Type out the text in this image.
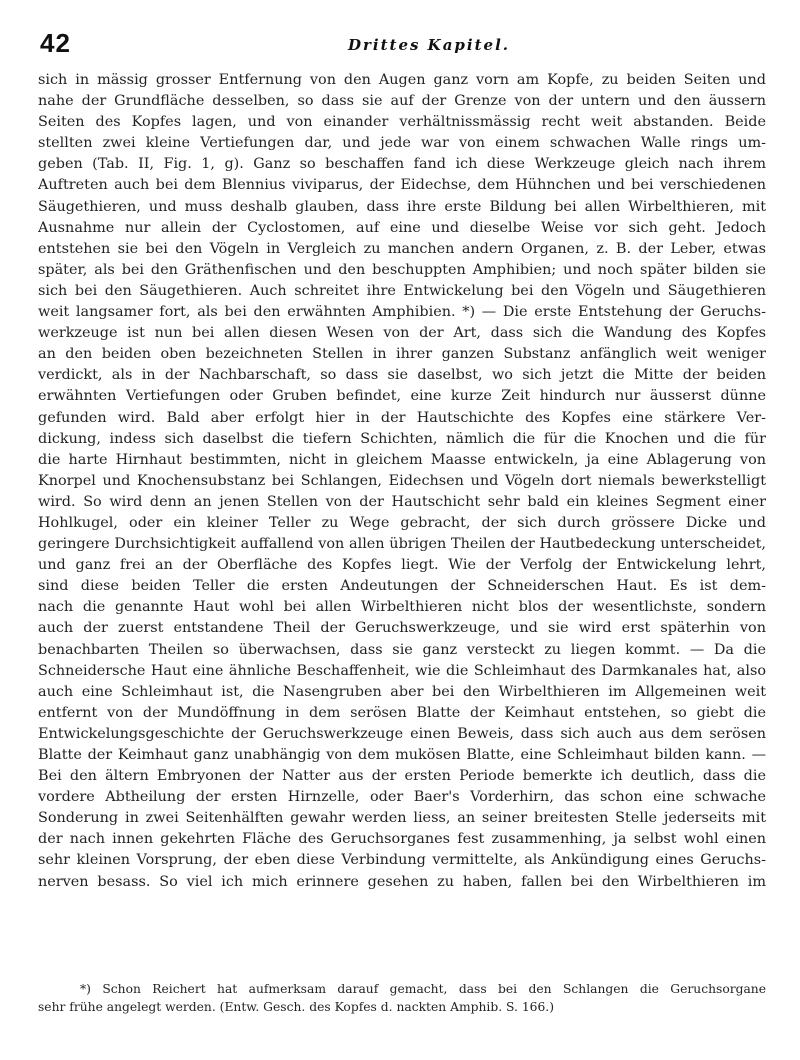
42	Drittes Kapitel.
sich in mässig grosser Entfernung von den Augen ganz vorn am Kopfe, zu beiden Seiten und
nahe der Grundfläche desselben, so dass sie auf der Grenze von der untern und den äussern
Seiten des Kopfes lagen, und von einander verhältnissmässig recht weit abstanden. Beide
stellten zwei kleine Vertiefungen dar, und jede war von einem schwachen Walle rings um-
geben (Tab. II, Fig. 1, g). Ganz so beschaffen fand ich diese Werkzeuge gleich nach ihrem
Auftreten auch bei dem Blennius viviparus, der Eidechse, dem Hühnchen und bei verschiedenen
Säugethieren, und muss deshalb glauben, dass ihre erste Bildung bei allen Wirbelthieren, mit
Ausnahme nur allein der Cyclostomen, auf eine und dieselbe Weise vor sich geht. Jedoch
entstehen sie bei den Vögeln in Vergleich zu manchen andern Organen, z. B. der Leber, etwas
später, als bei den Gräthenfischen und den beschuppten Amphibien; und noch später bilden sie
sich bei den Säugethieren. Auch schreitet ihre Entwickelung bei den Vögeln und Säugethieren
weit langsamer fort, als bei den erwähnten Amphibien. *) — Die erste Entstehung der Geruchs-
werkzeuge ist nun bei allen diesen Wesen von der Art, dass sich die Wandung des Kopfes
an den beiden oben bezeichneten Stellen in ihrer ganzen Substanz anfänglich weit weniger
verdickt, als in der Nachbarschaft, so dass sie daselbst, wo sich jetzt die Mitte der beiden
erwähnten Vertiefungen oder Gruben befindet, eine kurze Zeit hindurch nur äusserst dünne
gefunden wird. Bald aber erfolgt hier in der Hautschichte des Kopfes eine stärkere Ver-
dickung, indess sich daselbst die tiefern Schichten, nämlich die für die Knochen und die für
die harte Hirnhaut bestimmten, nicht in gleichem Maasse entwickeln, ja eine Ablagerung von
Knorpel und Knochensubstanz bei Schlangen, Eidechsen und Vögeln dort niemals bewerkstelligt
wird. So wird denn an jenen Stellen von der Hautschicht sehr bald ein kleines Segment einer
Hohlkugel, oder ein kleiner Teller zu Wege gebracht, der sich durch grössere Dicke und
geringere Durchsichtigkeit auffallend von allen übrigen Theilen der Hautbedeckung unterscheidet,
und ganz frei an der Oberfläche des Kopfes liegt. Wie der Verfolg der Entwickelung lehrt,
sind diese beiden Teller die ersten Andeutungen der Schneiderschen Haut. Es ist dem-
nach die genannte Haut wohl bei allen Wirbelthieren nicht blos der wesentlichste, sondern
auch der zuerst entstandene Theil der Geruchswerkzeuge, und sie wird erst späterhin von
benachbarten Theilen so überwachsen, dass sie ganz versteckt zu liegen kommt. — Da die
Schneidersche Haut eine ähnliche Beschaffenheit, wie die Schleimhaut des Darmkanales hat, also
auch eine Schleimhaut ist, die Nasengruben aber bei den Wirbelthieren im Allgemeinen weit
entfernt von der Mundöffnung in dem serösen Blatte der Keimhaut entstehen, so giebt die
Entwickelungsgeschichte der Geruchswerkzeuge einen Beweis, dass sich auch aus dem serösen
Blatte der Keimhaut ganz unabhängig von dem mukösen Blatte, eine Schleimhaut bilden kann. —
Bei den ältern Embryonen der Natter aus der ersten Periode bemerkte ich deutlich, dass die
vordere Abtheilung der ersten Hirnzelle, oder Baer's Vorderhirn, das schon eine schwache
Sonderung in zwei Seitenhälften gewahr werden liess, an seiner breitesten Stelle jederseits mit
der nach innen gekehrten Fläche des Geruchsorganes fest zusammenhing, ja selbst wohl einen
sehr kleinen Vorsprung, der eben diese Verbindung vermittelte, als Ankündigung eines Geruchs-
nerven besass. So viel ich mich erinnere gesehen zu haben, fallen bei den Wirbelthieren im
*) Schon Reichert hat aufmerksam darauf gemacht, dass bei den Schlangen die Geruchsorgane
sehr frühe angelegt werden. (Entw. Gesch. des Kopfes d. nackten Amphib. S. 166.)
